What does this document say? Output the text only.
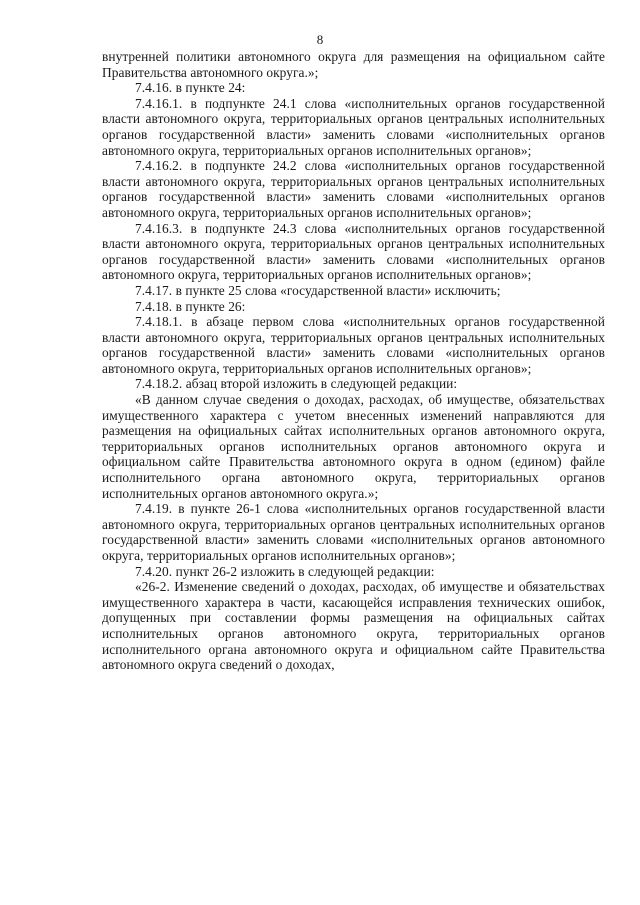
8

внутренней политики автономного округа для размещения на официальном сайте Правительства автономного округа.»;

7.4.16. в пункте 24:

7.4.16.1. в подпункте 24.1 слова «исполнительных органов государственной власти автономного округа, территориальных органов центральных исполнительных органов государственной власти» заменить словами «исполнительных органов автономного округа, территориальных органов исполнительных органов»;

7.4.16.2. в подпункте 24.2 слова «исполнительных органов государственной власти автономного округа, территориальных органов центральных исполнительных органов государственной власти» заменить словами «исполнительных органов автономного округа, территориальных органов исполнительных органов»;

7.4.16.3. в подпункте 24.3 слова «исполнительных органов государственной власти автономного округа, территориальных органов центральных исполнительных органов государственной власти» заменить словами «исполнительных органов автономного округа, территориальных органов исполнительных органов»;

7.4.17. в пункте 25 слова «государственной власти» исключить;

7.4.18. в пункте 26:

7.4.18.1. в абзаце первом слова «исполнительных органов государственной власти автономного округа, территориальных органов центральных исполнительных органов государственной власти» заменить словами «исполнительных органов автономного округа, территориальных органов исполнительных органов»;

7.4.18.2. абзац второй изложить в следующей редакции:

«В данном случае сведения о доходах, расходах, об имуществе, обязательствах имущественного характера с учетом внесенных изменений направляются для размещения на официальных сайтах исполнительных органов автономного округа, территориальных органов исполнительных органов автономного округа и официальном сайте Правительства автономного округа в одном (едином) файле исполнительного органа автономного округа, территориальных органов исполнительных органов автономного округа.»;

7.4.19. в пункте 26-1 слова «исполнительных органов государственной власти автономного округа, территориальных органов центральных исполнительных органов государственной власти» заменить словами «исполнительных органов автономного округа, территориальных органов исполнительных органов»;

7.4.20. пункт 26-2 изложить в следующей редакции:

«26-2. Изменение сведений о доходах, расходах, об имуществе и обязательствах имущественного характера в части, касающейся исправления технических ошибок, допущенных при составлении формы размещения на официальных сайтах исполнительных органов автономного округа, территориальных органов исполнительного органа автономного округа и официальном сайте Правительства автономного округа сведений о доходах,
